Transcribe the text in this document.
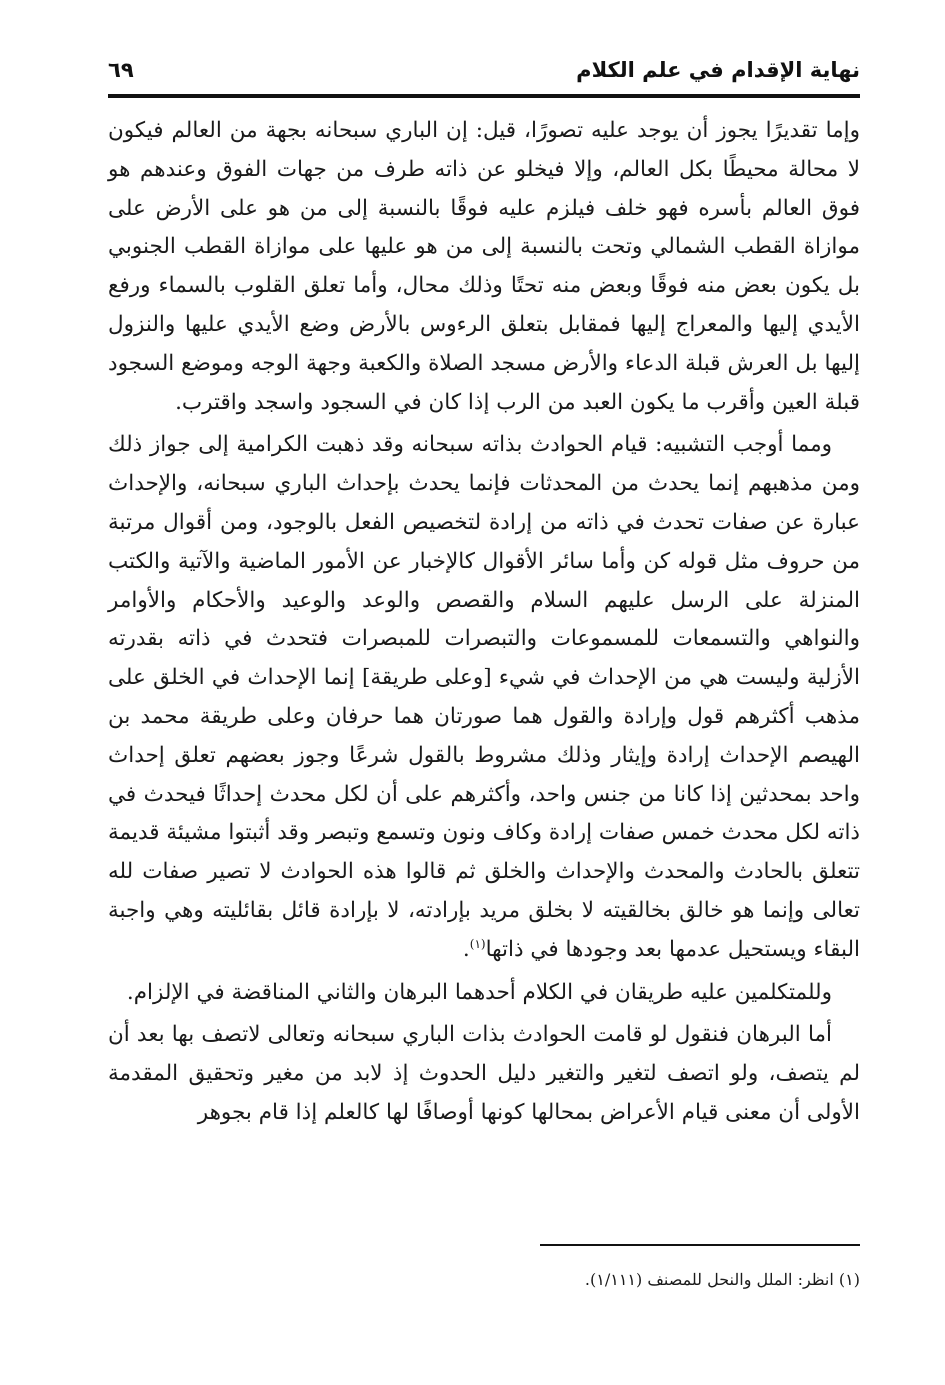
نهاية الإقدام في علم الكلام
٦٩

وإما تقديرًا يجوز أن يوجد عليه تصورًا، قيل: إن الباري سبحانه بجهة من العالم فيكون لا محالة محيطًا بكل العالم، وإلا فيخلو عن ذاته طرف من جهات الفوق وعندهم هو فوق العالم بأسره فهو خلف فيلزم عليه فوقًا بالنسبة إلى من هو على الأرض على موازاة القطب الشمالي وتحت بالنسبة إلى من هو عليها على موازاة القطب الجنوبي بل يكون بعض منه فوقًا وبعض منه تحتًا وذلك محال، وأما تعلق القلوب بالسماء ورفع الأيدي إليها والمعراج إليها فمقابل بتعلق الرءوس بالأرض وضع الأيدي عليها والنزول إليها بل العرش قبلة الدعاء والأرض مسجد الصلاة والكعبة وجهة الوجه وموضع السجود قبلة العين وأقرب ما يكون العبد من الرب إذا كان في السجود واسجد واقترب.

ومما أوجب التشبيه: قيام الحوادث بذاته سبحانه وقد ذهبت الكرامية إلى جواز ذلك ومن مذهبهم إنما يحدث من المحدثات فإنما يحدث بإحداث الباري سبحانه، والإحداث عبارة عن صفات تحدث في ذاته من إرادة لتخصيص الفعل بالوجود، ومن أقوال مرتبة من حروف مثل قوله كن وأما سائر الأقوال كالإخبار عن الأمور الماضية والآتية والكتب المنزلة على الرسل عليهم السلام والقصص والوعد والوعيد والأحكام والأوامر والنواهي والتسمعات للمسموعات والتبصرات للمبصرات فتحدث في ذاته بقدرته الأزلية وليست هي من الإحداث في شيء [وعلى طريقة] إنما الإحداث في الخلق على مذهب أكثرهم قول وإرادة والقول هما صورتان هما حرفان وعلى طريقة محمد بن الهيصم الإحداث إرادة وإيثار وذلك مشروط بالقول شرعًا وجوز بعضهم تعلق إحداث واحد بمحدثين إذا كانا من جنس واحد، وأكثرهم على أن لكل محدث إحداثًا فيحدث في ذاته لكل محدث خمس صفات إرادة وكاف ونون وتسمع وتبصر وقد أثبتوا مشيئة قديمة تتعلق بالحادث والمحدث والإحداث والخلق ثم قالوا هذه الحوادث لا تصير صفات لله تعالى وإنما هو خالق بخالقيته لا بخلق مريد بإرادته، لا بإرادة قائل بقائليته وهي واجبة البقاء ويستحيل عدمها بعد وجودها في ذاتها$^{(١)}$.

وللمتكلمين عليه طريقان في الكلام أحدهما البرهان والثاني المناقضة في الإلزام.

أما البرهان فنقول لو قامت الحوادث بذات الباري سبحانه وتعالى لاتصف بها بعد أن لم يتصف، ولو اتصف لتغير والتغير دليل الحدوث إذ لابد من مغير وتحقيق المقدمة الأولى أن معنى قيام الأعراض بمحالها كونها أوصافًا لها كالعلم إذا قام بجوهر

(١) انظر: الملل والنحل للمصنف (١/١١١).
